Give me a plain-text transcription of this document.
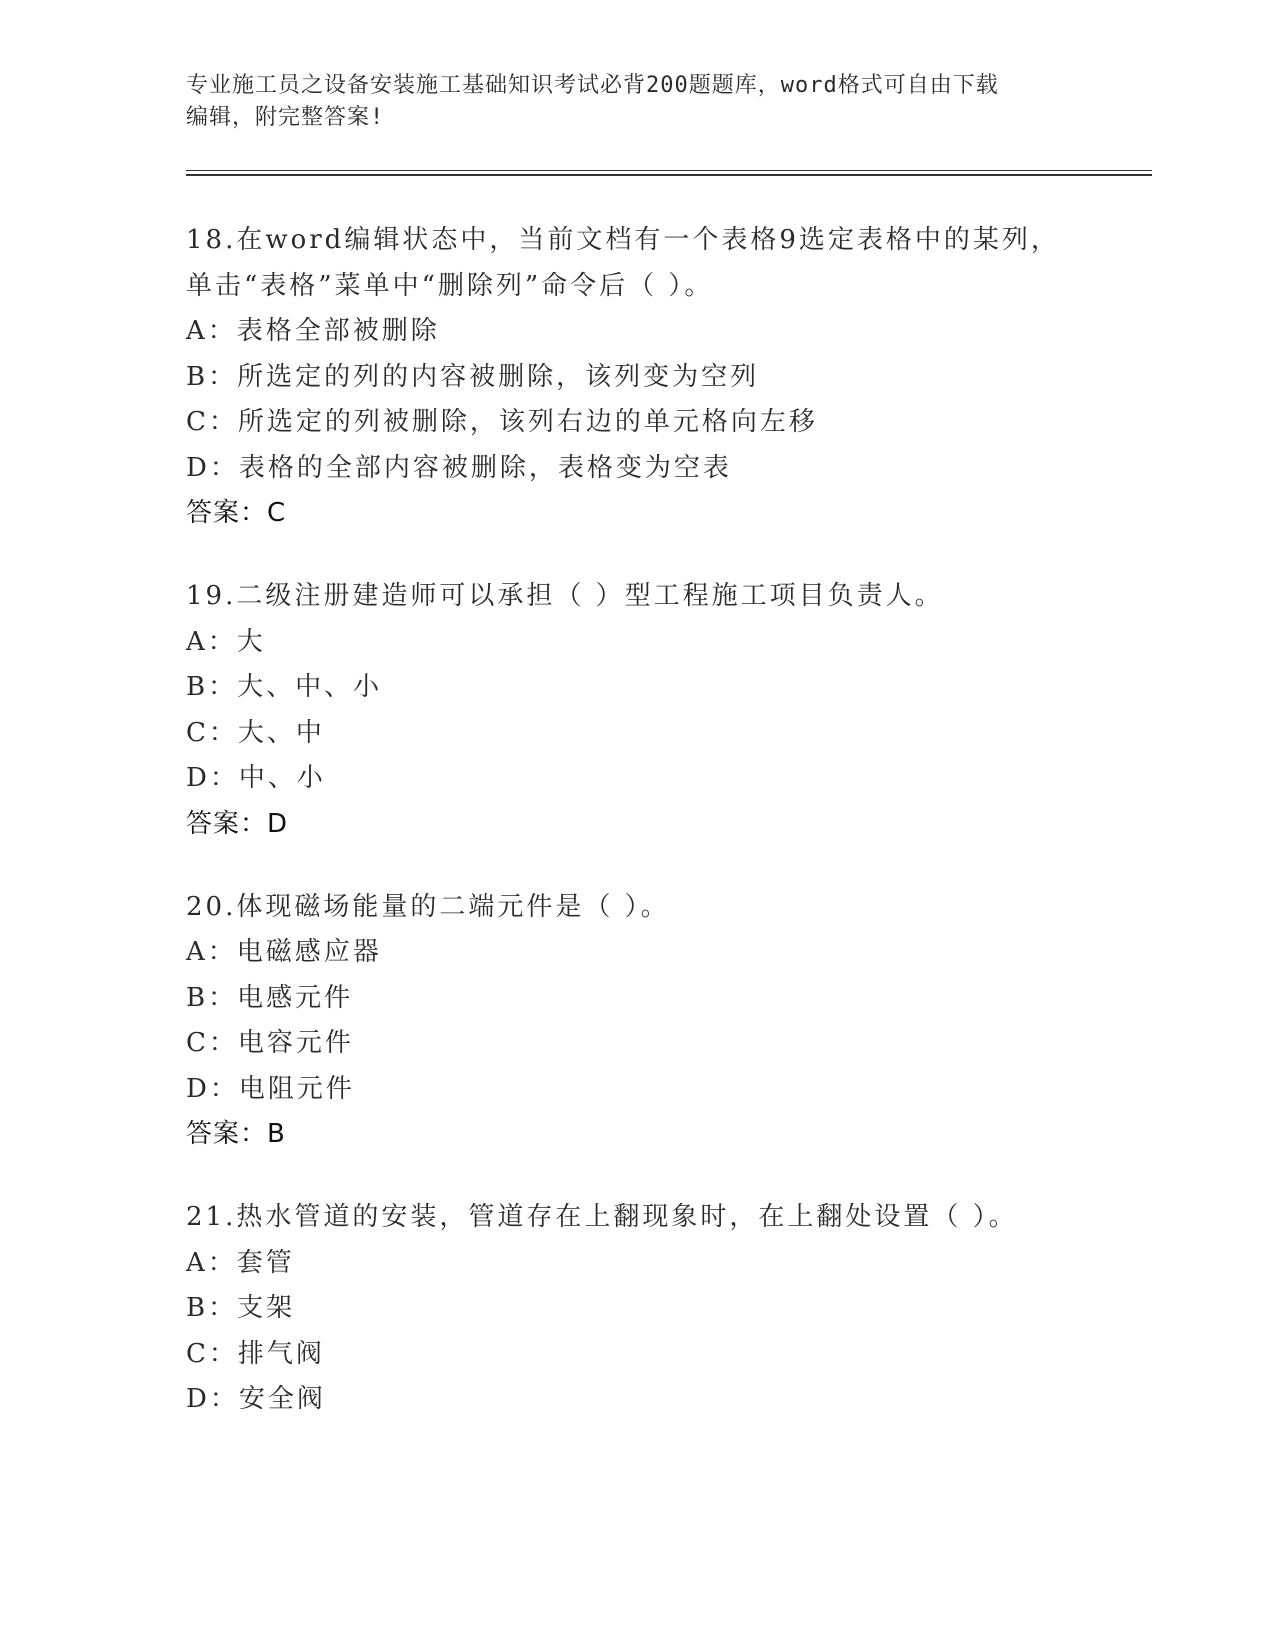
专业施工员之设备安装施工基础知识考试必背200题题库，word格式可自由下载
编辑，附完整答案!
18.在word编辑状态中，当前文档有一个表格9选定表格中的某列，
单击“表格”菜单中“删除列”命令后（ ）。
A：表格全部被删除
B：所选定的列的内容被删除，该列变为空列
C：所选定的列被删除，该列右边的单元格向左移
D：表格的全部内容被删除，表格变为空表
答案：C
19.二级注册建造师可以承担（ ）型工程施工项目负责人。
A：大
B：大、中、小
C：大、中
D：中、小
答案：D
20.体现磁场能量的二端元件是（ ）。
A：电磁感应器
B：电感元件
C：电容元件
D：电阻元件
答案：B
21.热水管道的安装，管道存在上翻现象时，在上翻处设置（ ）。
A：套管
B：支架
C：排气阀
D：安全阀
